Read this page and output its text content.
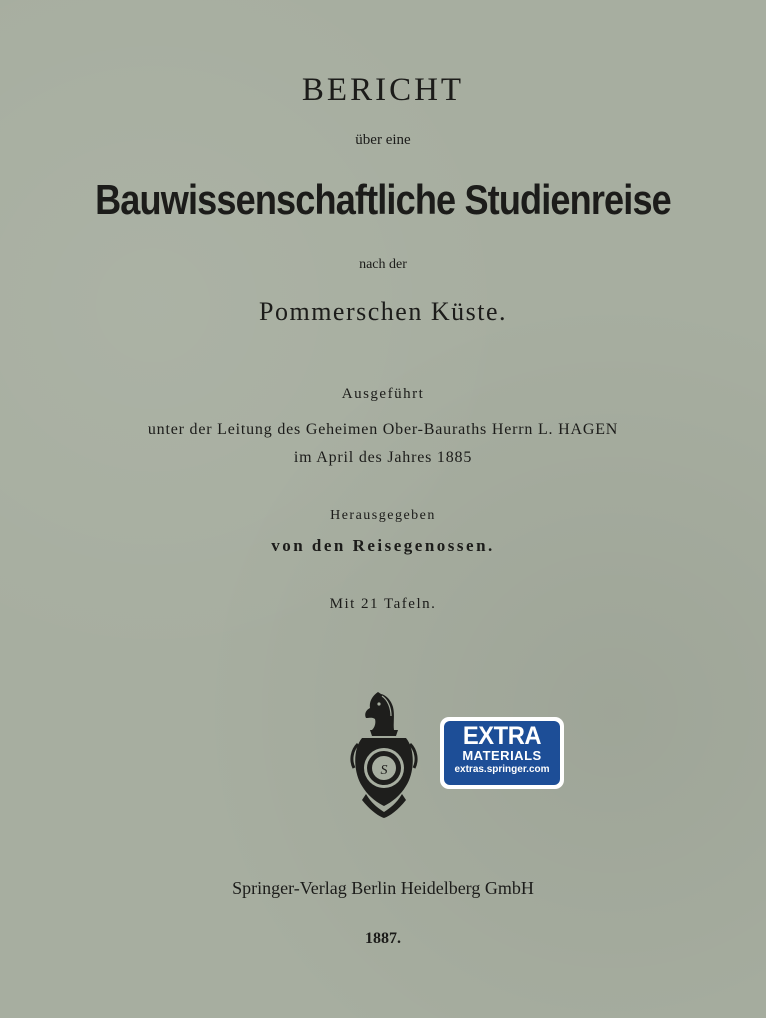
BERICHT
über eine
Bauwissenschaftliche Studienreise
nach der
Pommerschen Küste.
Ausgeführt
unter der Leitung des Geheimen Ober-Bauraths Herrn L. HAGEN
im April des Jahres 1885
Herausgegeben
von den Reisegenossen.
Mit 21 Tafeln.
S
EXTRA
MATERIALS
extras.springer.com
Springer-Verlag Berlin Heidelberg GmbH
1887.
